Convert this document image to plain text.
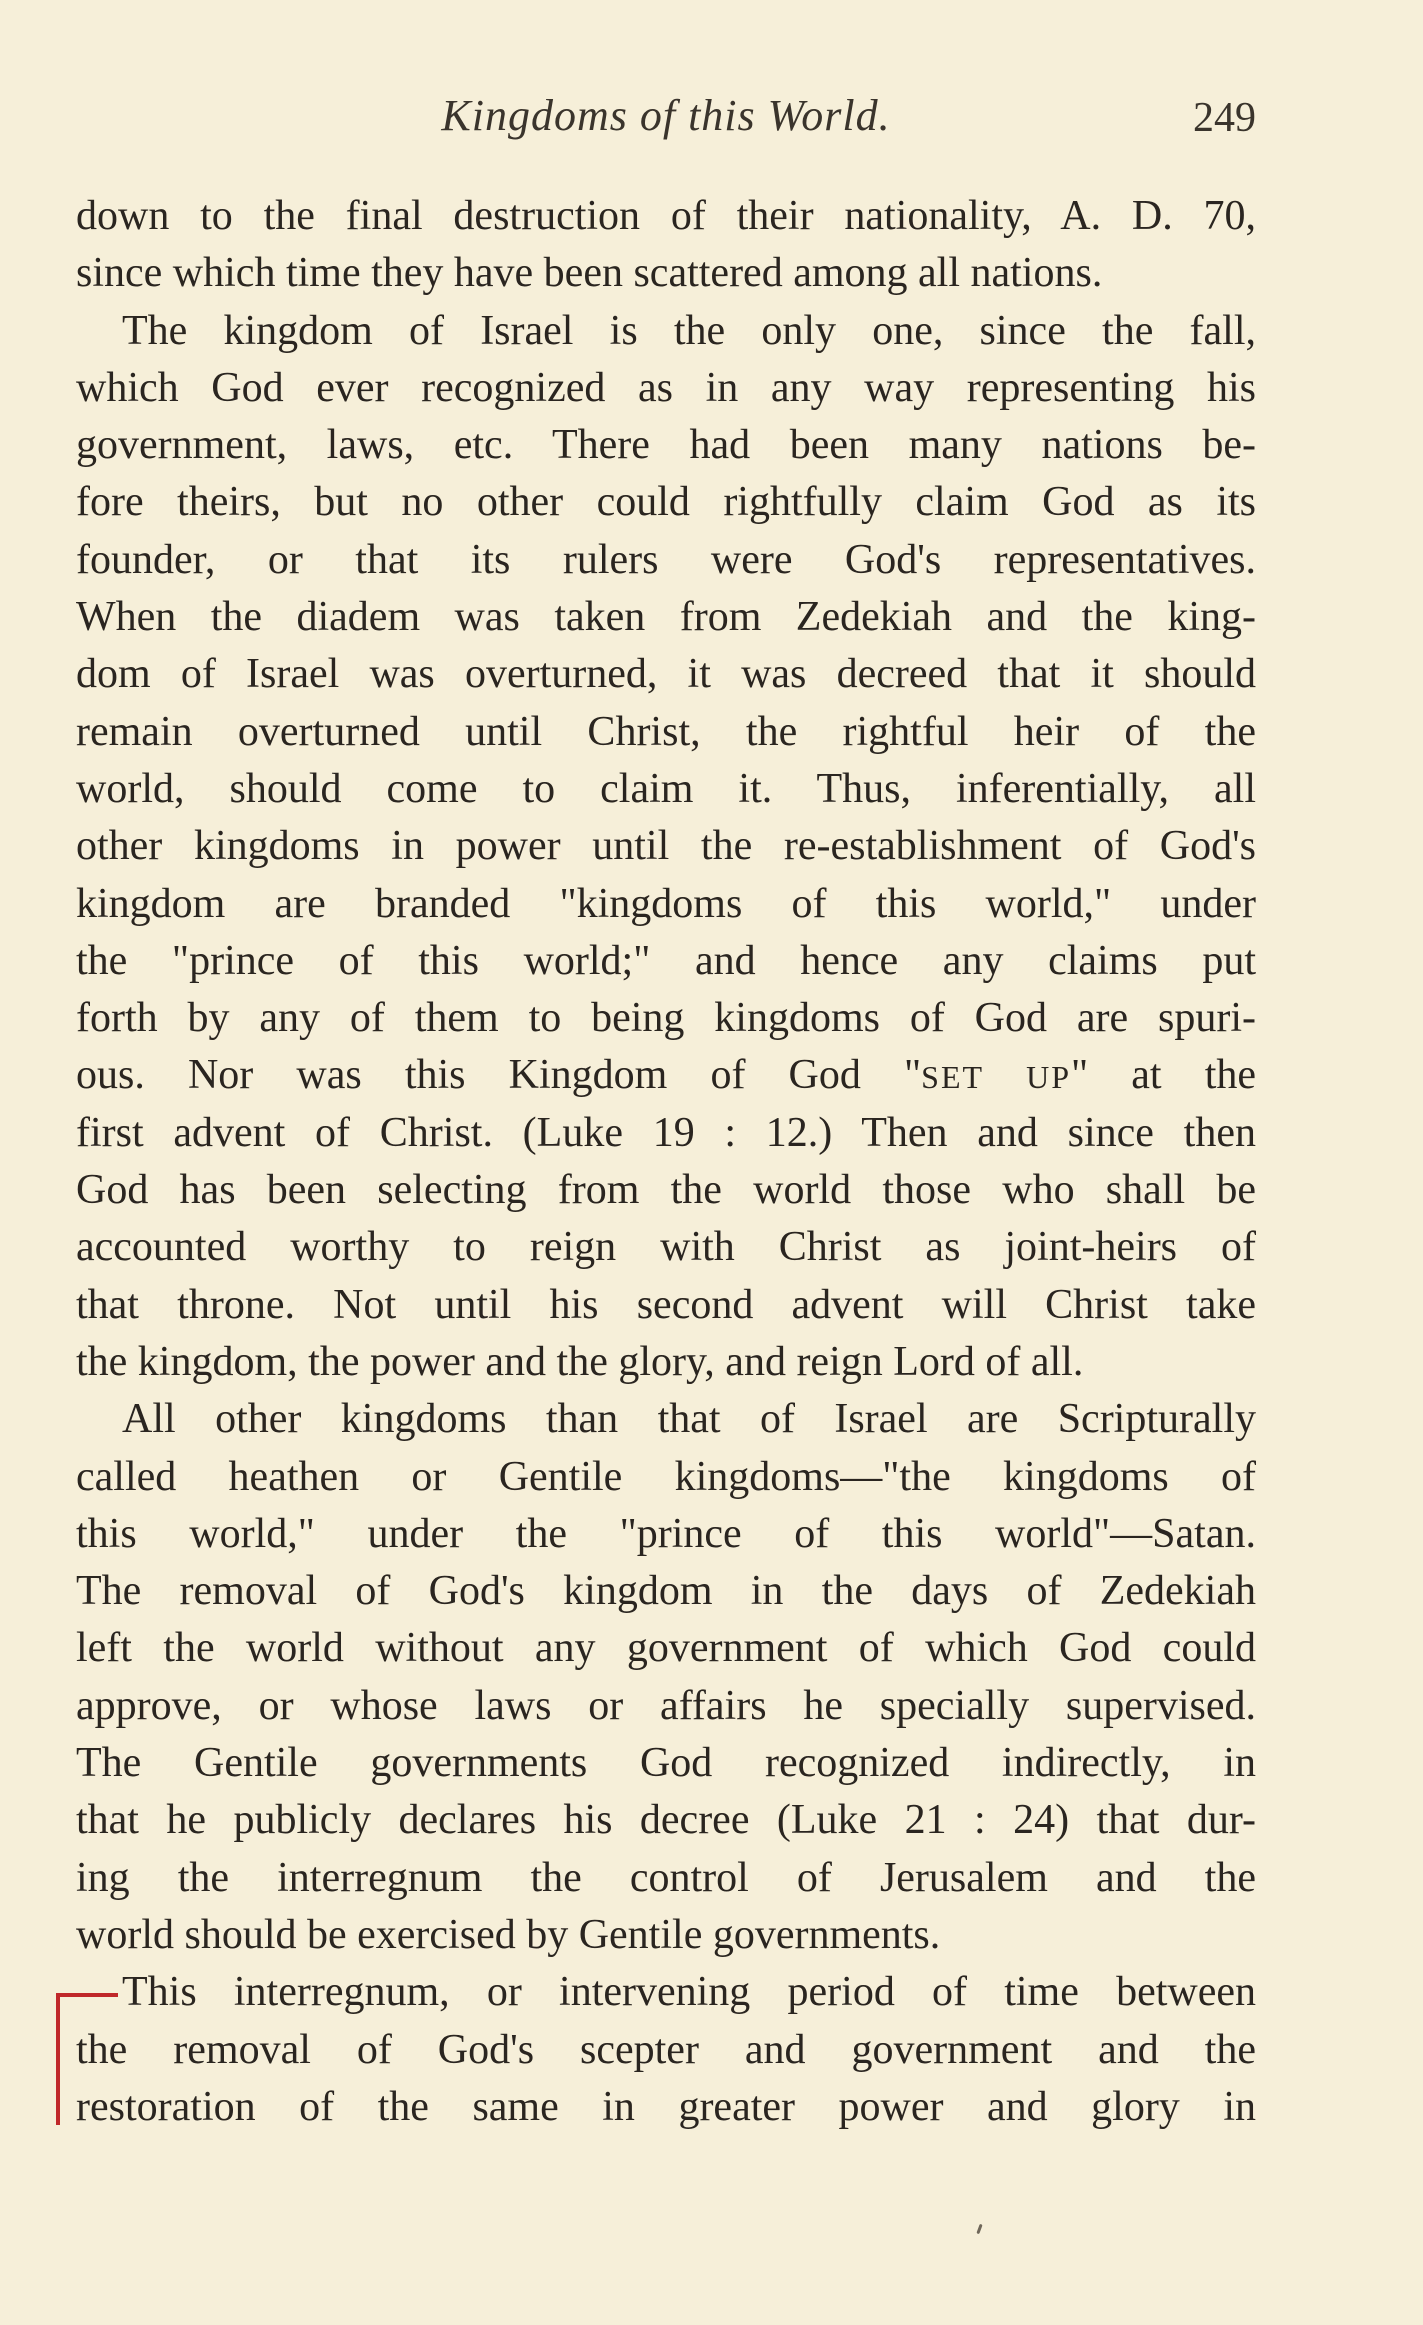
Kingdoms of this World.	249
down to the final destruction of their nationality, A. D. 70,
since which time they have been scattered among all nations.
The kingdom of Israel is the only one, since the fall,
which God ever recognized as in any way representing his
government, laws, etc. There had been many nations be-
fore theirs, but no other could rightfully claim God as its
founder, or that its rulers were God's representatives.
When the diadem was taken from Zedekiah and the king-
dom of Israel was overturned, it was decreed that it should
remain overturned until Christ, the rightful heir of the
world, should come to claim it. Thus, inferentially, all
other kingdoms in power until the re-establishment of God's
kingdom are branded "kingdoms of this world," under
the "prince of this world;" and hence any claims put
forth by any of them to being kingdoms of God are spuri-
ous. Nor was this Kingdom of God "SET UP" at the
first advent of Christ. (Luke 19 : 12.) Then and since then
God has been selecting from the world those who shall be
accounted worthy to reign with Christ as joint-heirs of
that throne. Not until his second advent will Christ take
the kingdom, the power and the glory, and reign Lord of all.
All other kingdoms than that of Israel are Scripturally
called heathen or Gentile kingdoms—"the kingdoms of
this world," under the "prince of this world"—Satan.
The removal of God's kingdom in the days of Zedekiah
left the world without any government of which God could
approve, or whose laws or affairs he specially supervised.
The Gentile governments God recognized indirectly, in
that he publicly declares his decree (Luke 21 : 24) that dur-
ing the interregnum the control of Jerusalem and the
world should be exercised by Gentile governments.
This interregnum, or intervening period of time between
the removal of God's scepter and government and the
restoration of the same in greater power and glory in
